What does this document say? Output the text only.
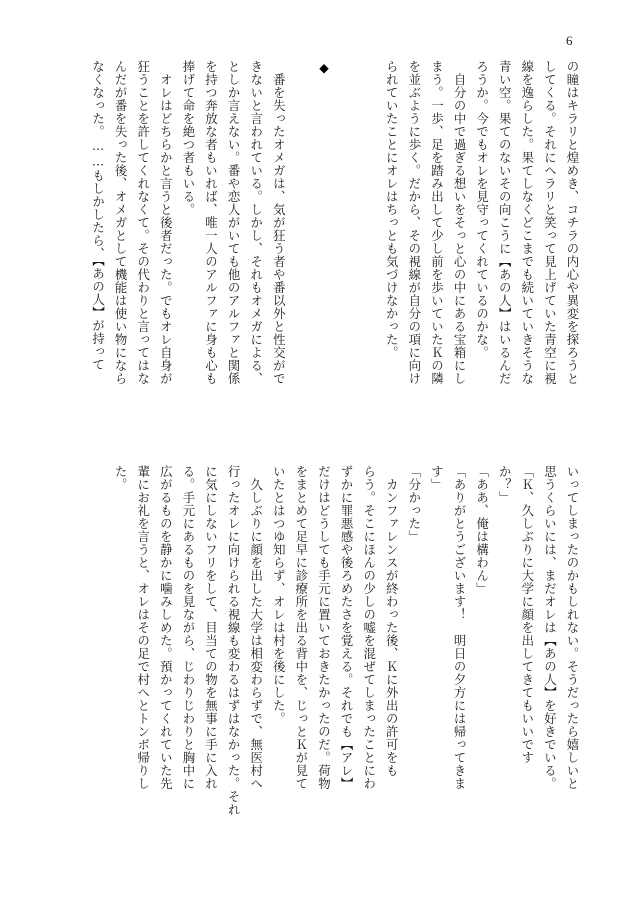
6

の瞳はキラリと煌めき、コチラの内心や異変を探ろうと

してくる。それにヘラリと笑って見上げていた青空に視

線を逸らした。果てしなくどこまでも続いていきそうな

青い空。果てのないその向こうに【あの人】はいるんだ

ろうか。今でもオレを見守ってくれているのかな。

　自分の中で過ぎる想いをそっと心の中にある宝箱にし

まう。一歩、足を踏み出して少し前を歩いていたＫの隣

を並ぶように歩く。だから、その視線が自分の項に向け

られていたことにオレはちっとも気づけなかった。

◆

　番を失ったオメガは、気が狂う者や番以外と性交がで

きないと言われている。しかし、それもオメガによる、

としか言えない。番や恋人がいても他のアルファと関係

を持つ奔放な者もいれば、唯一人のアルファに身も心も

捧げて命を絶つ者もいる。

　オレはどちらかと言うと後者だった。でもオレ自身が

狂うことを許してくれなくて。その代わりと言ってはな

んだが番を失った後、オメガとして機能は使い物になら

なくなった。……もしかしたら、【あの人】が持って

いってしまったのかもしれない。そうだったら嬉しいと

思うくらいには、まだオレは【あの人】を好きでいる。

「Ｋ、久しぶりに大学に顔を出してきてもいいです

か？」

「ああ、俺は構わん」

「ありがとうございます！　明日の夕方には帰ってきま

す」

「分かった」

　カンファレンスが終わった後、Ｋに外出の許可をも

らう。そこにほんの少しの嘘を混ぜてしまったことにわ

ずかに罪悪感や後ろめたさを覚える。それでも【アレ】

だけはどうしても手元に置いておきたかったのだ。荷物

をまとめて足早に診療所を出る背中を、じっとＫが見て

いたとはつゆ知らず、オレは村を後にした。

　久しぶりに顔を出した大学は相変わらずで、無医村へ

行ったオレに向けられる視線も変わるはずはなかった。それ

に気にしないフリをして、目当ての物を無事に手に入れ

る。手元にあるものを見ながら、じわりじわりと胸中に

広がるものを静かに噛みしめた。預かってくれていた先

輩にお礼を言うと、オレはその足で村へとトンボ帰りし

た。
